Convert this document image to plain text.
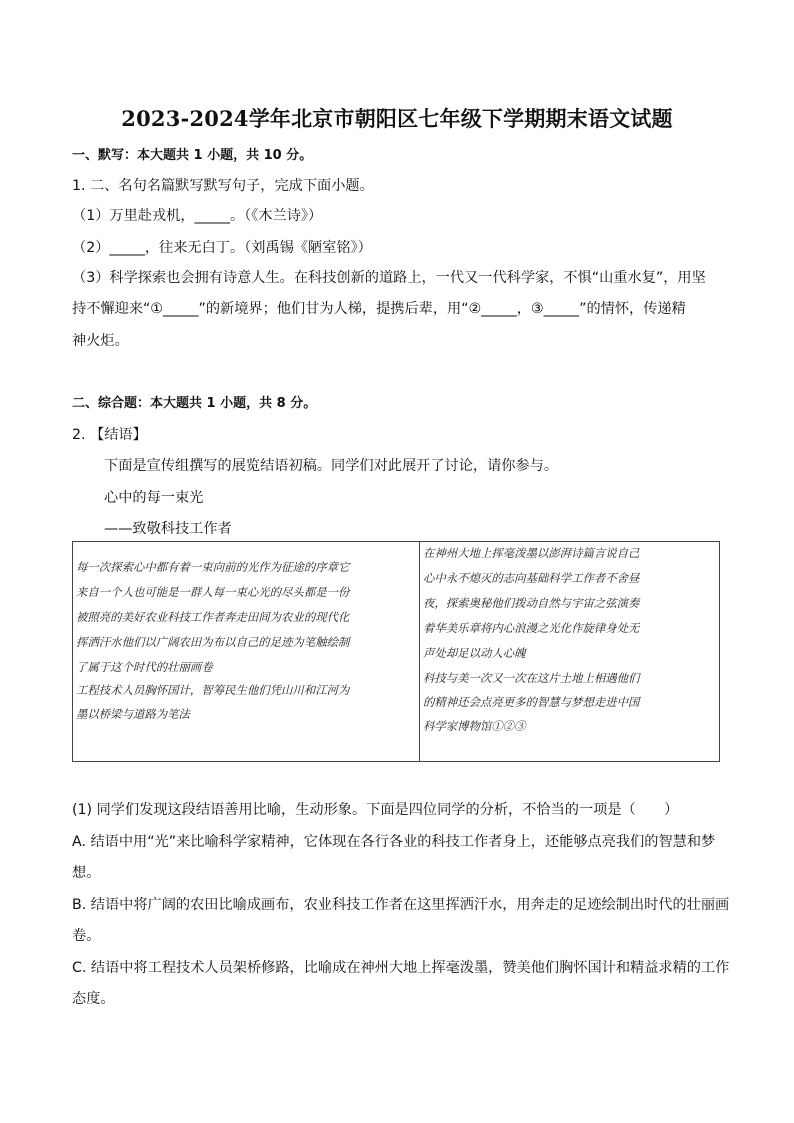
2023-2024学年北京市朝阳区七年级下学期期末语文试题
一、默写：本大题共 1 小题，共 10 分。
1. 二、名句名篇默写默写句子，完成下面小题。
（1）万里赴戎机，_____。（《木兰诗》）
（2）_____，往来无白丁。（刘禹锡《陋室铭》）
（3）科学探索也会拥有诗意人生。在科技创新的道路上，一代又一代科学家，不惧“山重水复”，用坚
持不懈迎来“①_____”的新境界；他们甘为人梯，提携后辈，用“②_____，③_____”的情怀，传递精
神火炬。
二、综合题：本大题共 1 小题，共 8 分。
2. 【结语】
下面是宣传组撰写的展览结语初稿。同学们对此展开了讨论，请你参与。
心中的每一束光
——致敬科技工作者
每一次探索心中都有着一束向前的光作为征途的序章它
来自一个人也可能是一群人每一束心光的尽头都是一份
被照亮的美好农业科技工作者奔走田间为农业的现代化
挥洒汗水他们以广阔农田为布以自己的足迹为笔触绘制
了属于这个时代的壮丽画卷
工程技术人员胸怀国计，智筹民生他们凭山川和江河为
墨以桥梁与道路为笔法

在神州大地上挥毫泼墨以澎湃诗篇言说自己
心中永不熄灭的志向基础科学工作者不舍昼
夜，探索奥秘他们拨动自然与宇宙之弦演奏
着华美乐章将内心浪漫之光化作旋律身处无
声处却足以动人心魄
科技与美一次又一次在这片土地上相遇他们
的精神还会点亮更多的智慧与梦想走进中国
科学家博物馆①②③
(1) 同学们发现这段结语善用比喻，生动形象。下面是四位同学的分析，不恰当的一项是（　　）
A. 结语中用“光”来比喻科学家精神，它体现在各行各业的科技工作者身上，还能够点亮我们的智慧和梦
想。
B. 结语中将广阔的农田比喻成画布，农业科技工作者在这里挥洒汗水，用奔走的足迹绘制出时代的壮丽画
卷。
C. 结语中将工程技术人员架桥修路，比喻成在神州大地上挥毫泼墨，赞美他们胸怀国计和精益求精的工作
态度。
